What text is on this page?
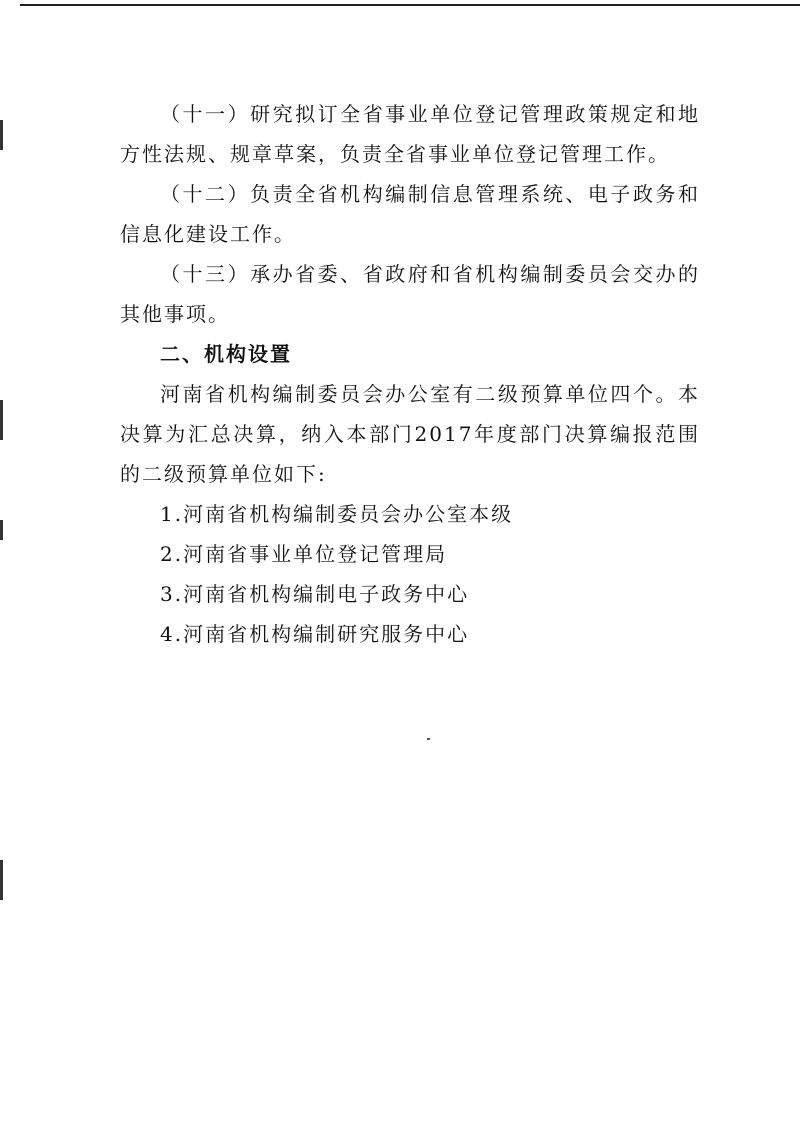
（十一）研究拟订全省事业单位登记管理政策规定和地方性法规、规章草案，负责全省事业单位登记管理工作。

（十二）负责全省机构编制信息管理系统、电子政务和信息化建设工作。

（十三）承办省委、省政府和省机构编制委员会交办的其他事项。

二、机构设置

河南省机构编制委员会办公室有二级预算单位四个。本决算为汇总决算，纳入本部门2017年度部门决算编报范围的二级预算单位如下:

1.河南省机构编制委员会办公室本级
2.河南省事业单位登记管理局
3.河南省机构编制电子政务中心
4.河南省机构编制研究服务中心
